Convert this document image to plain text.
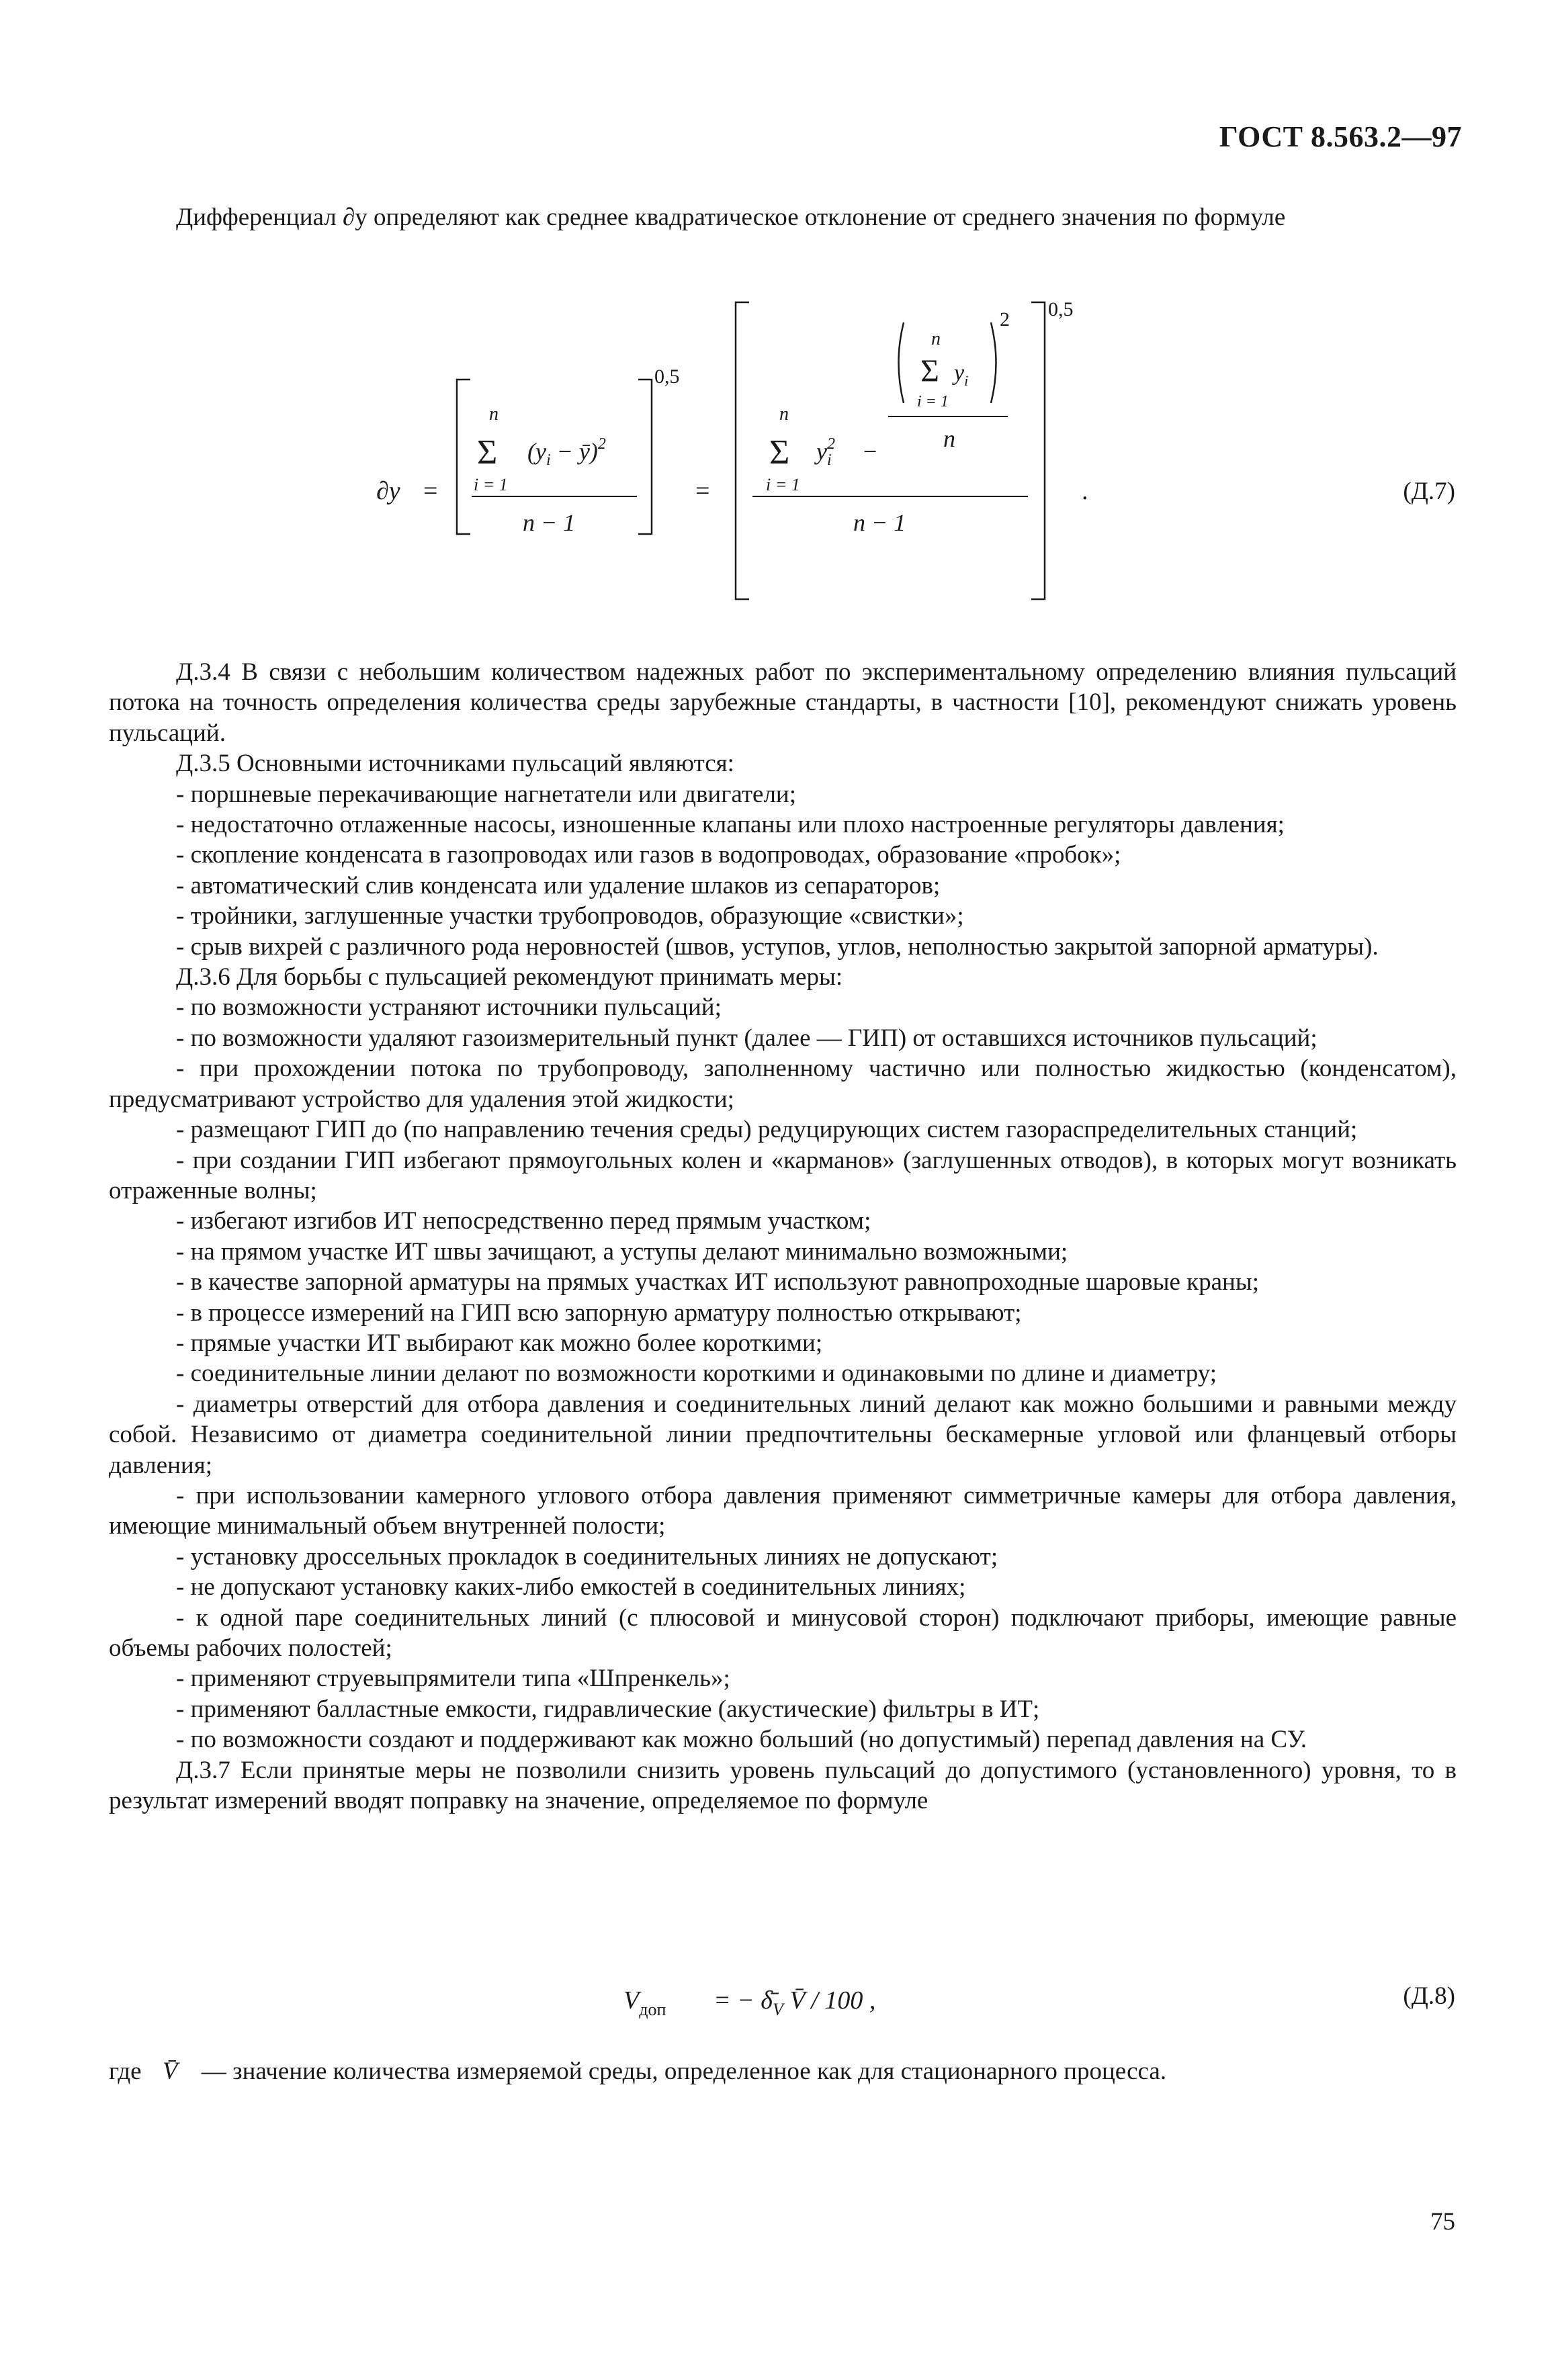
ГОСТ 8.563.2—97
Дифференциал ∂y определяют как среднее квадратическое отклонение от среднего значения по формуле
∂y =
0,5
n
Σ
i = 1
($y_i$ − ȳ)$^2$
n − 1
=
0,5
n
Σ
i = 1
$y^2$ i −
2
n
Σ
i = 1
$y_i$
n
n − 1
.	(Д.7)

Д.3.4 В связи с небольшим количеством надежных работ по экспериментальному определению влияния пульсаций потока на точность определения количества среды зарубежные стандарты, в частности [10], рекомендуют снижать уровень пульсаций.

Д.3.5 Основными источниками пульсаций являются:

- поршневые перекачивающие нагнетатели или двигатели;

- недостаточно отлаженные насосы, изношенные клапаны или плохо настроенные регуляторы давления;

- скопление конденсата в газопроводах или газов в водопроводах, образование «пробок»;

- автоматический слив конденсата или удаление шлаков из сепараторов;

- тройники, заглушенные участки трубопроводов, образующие «свистки»;

- срыв вихрей с различного рода неровностей (швов, уступов, углов, неполностью закрытой запорной арматуры).

Д.3.6 Для борьбы с пульсацией рекомендуют принимать меры:

- по возможности устраняют источники пульсаций;

- по возможности удаляют газоизмерительный пункт (далее — ГИП) от оставшихся источников пульсаций;

- при прохождении потока по трубопроводу, заполненному частично или полностью жидкостью (конденсатом), предусматривают устройство для удаления этой жидкости;

- размещают ГИП до (по направлению течения среды) редуцирующих систем газораспределительных станций;

- при создании ГИП избегают прямоугольных колен и «карманов» (заглушенных отводов), в которых могут возникать отраженные волны;

- избегают изгибов ИТ непосредственно перед прямым участком;

- на прямом участке ИТ швы зачищают, а уступы делают минимально возможными;

- в качестве запорной арматуры на прямых участках ИТ используют равнопроходные шаровые краны;

- в процессе измерений на ГИП всю запорную арматуру полностью открывают;

- прямые участки ИТ выбирают как можно более короткими;

- соединительные линии делают по возможности короткими и одинаковыми по длине и диаметру;

- диаметры отверстий для отбора давления и соединительных линий делают как можно большими и равными между собой. Независимо от диаметра соединительной линии предпочтительны бескамерные угловой или фланцевый отборы давления;

- при использовании камерного углового отбора давления применяют симметричные камеры для отбора давления, имеющие минимальный объем внутренней полости;

- установку дроссельных прокладок в соединительных линиях не допускают;

- не допускают установку каких-либо емкостей в соединительных линиях;

- к одной паре соединительных линий (с плюсовой и минусовой сторон) подключают приборы, имеющие равные объемы рабочих полостей;

- применяют струевыпрямители типа «Шпренкель»;

- применяют балластные емкости, гидравлические (акустические) фильтры в ИТ;

- по возможности создают и поддерживают как можно больший (но допустимый) перепад давления на СУ.

Д.3.7 Если принятые меры не позволили снизить уровень пульсаций до допустимого (установленного) уровня, то в результат измерений вводят поправку на значение, определяемое по формуле

$V_{доп}$ = − $\deltā_V$ V̄ / 100 ,	(Д.8)
где V̄ — значение количества измеряемой среды, определенное как для стационарного процесса.
75
